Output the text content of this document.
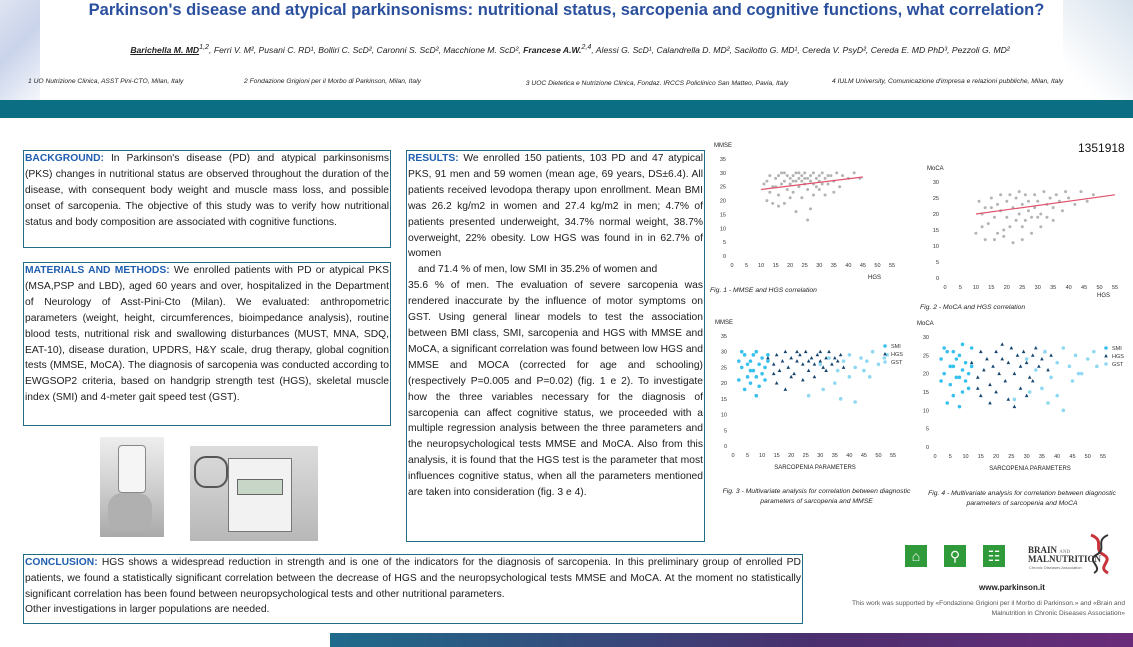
Parkinson's disease and atypical parkinsonisms: nutritional status, sarcopenia and cognitive functions, what correlation?
Barichella M. MD$^{1,2}$, Ferri V. M², Pusani C. RD¹, Bolliri C. ScD², Caronni S. ScD², Macchione M. ScD², Francese A.W.$^{2,4}$, Alessi G. ScD¹, Calandrella D. MD², Sacilotto G. MD¹, Cereda V. PsyD², Cereda E. MD PhD³, Pezzoli G. MD²
1 UO Nutrizione Clinica, ASST Pini-CTO, Milan, Italy	2 Fondazione Grigioni per il Morbo di Parkinson, Milan, Italy	3 UOC Dietetica e Nutrizione Clinica, Fondaz. IRCCS Policlinico San Matteo, Pavia, Italy	4 IULM University, Comunicazione d'impresa e relazioni pubbliche, Milan, Italy
1351918

BACKGROUND: In Parkinson's disease (PD) and atypical parkinsonisms (PKS) changes in nutritional status are observed throughout the duration of the disease, with consequent body weight and muscle mass loss, and possible onset of sarcopenia. The objective of this study was to verify how nutritional status and body composition are associated with cognitive functions.

MATERIALS AND METHODS: We enrolled patients with PD or atypical PKS (MSA,PSP and LBD), aged 60 years and over, hospitalized in the Department of Neurology of Asst-Pini-Cto (Milan). We evaluated: anthropometric parameters (weight, height, circumferences, bioimpedance analysis), routine blood tests, nutritional risk and swallowing disturbances (MUST, MNA, SDQ, EAT-10), disease duration, UPDRS, H&Y scale, drug therapy, global cognition tests (MMSE, MoCA). The diagnosis of sarcopenia was conducted according to EWGSOP2 criteria, based on handgrip strength test (HGS), skeletal muscle index (SMI) and 4-meter gait speed test (GST).

RESULTS: We enrolled 150 patients, 103 PD and 47 atypical PKS, 91 men and 59 women (mean age, 69 years, DS±6.4). All patients received levodopa therapy upon enrollment. Mean BMI was 26.2 kg/m2 in women and 27.4 kg/m2 in men; 4.7% of patients presented underweight, 34.7% normal weight, 38.7% overweight, 22% obesity. Low HGS was found in in 62.7% of women

and 71.4 % of men, low SMI in 35.2% of women and

35.6 % of men. The evaluation of severe sarcopenia was rendered inaccurate by the influence of motor symptoms on GST. Using general linear models to test the association between BMI class, SMI, sarcopenia and HGS with MMSE and MoCA, a significant correlation was found between low HGS and MMSE and MOCA (corrected for age and schooling) (respectively P=0.005 and P=0.02) (fig. 1 e 2). To investigate how the three variables necessary for the diagnosis of sarcopenia can affect cognitive status, we proceeded with a multiple regression analysis between the three parameters and the neuropsychological tests MMSE and MoCA. Also from this analysis, it is found that the HGS test is the parameter that most influences cognitive status, when all the parameters mentioned are taken into consideration (fig. 3 e 4).

MMSE
0
5
10
15
20
25
30
35
0 5 10 15 20 25 30 35 40 45 50 55
HGS
MoCA
0
5
10
15
20
25
30
0 5 10 15 20 25 30 35 40 45 50 55
HGS
MMSE
0
5
10
15
20
25
30
35
0 5 10 15 20 25 30 35 40 45 50 55
SARCOPENIA PARAMETERS
SMI
HGS
GST
MoCA
0
5
10
15
20
25
30
0 5 10 15 20 25 30 35 40 45 50 55
SARCOPENIA PARAMETERS
SMI
HGS
GST
Fig. 1 - MMSE and HGS correlation
Fig. 2 - MoCA and HGS correlation
Fig. 3 - Multivariate analysis for correlation between diagnostic parameters of sarcopenia and MMSE
Fig. 4 - Multivariate analysis for correlation between diagnostic parameters of sarcopenia and MoCA

CONCLUSION: HGS shows a widespread reduction in strength and is one of the indicators for the diagnosis of sarcopenia. In this preliminary group of enrolled PD patients, we found a statistically significant correlation between the decrease of HGS and the neuropsychological tests MMSE and MoCA. At the moment no statistically significant correlation has been found between neuropsychological tests and other nutritional parameters.

Other investigations in larger populations are needed.

⌂	⚲	☷	BRAIN AND
MALNUTRITION
Chronic Diseases Association
www.parkinson.it
This work was supported by «Fondazione Grigioni per il Morbo di Parkinson.» and «Brain and Malnutrition in Chronic Diseases Association»
